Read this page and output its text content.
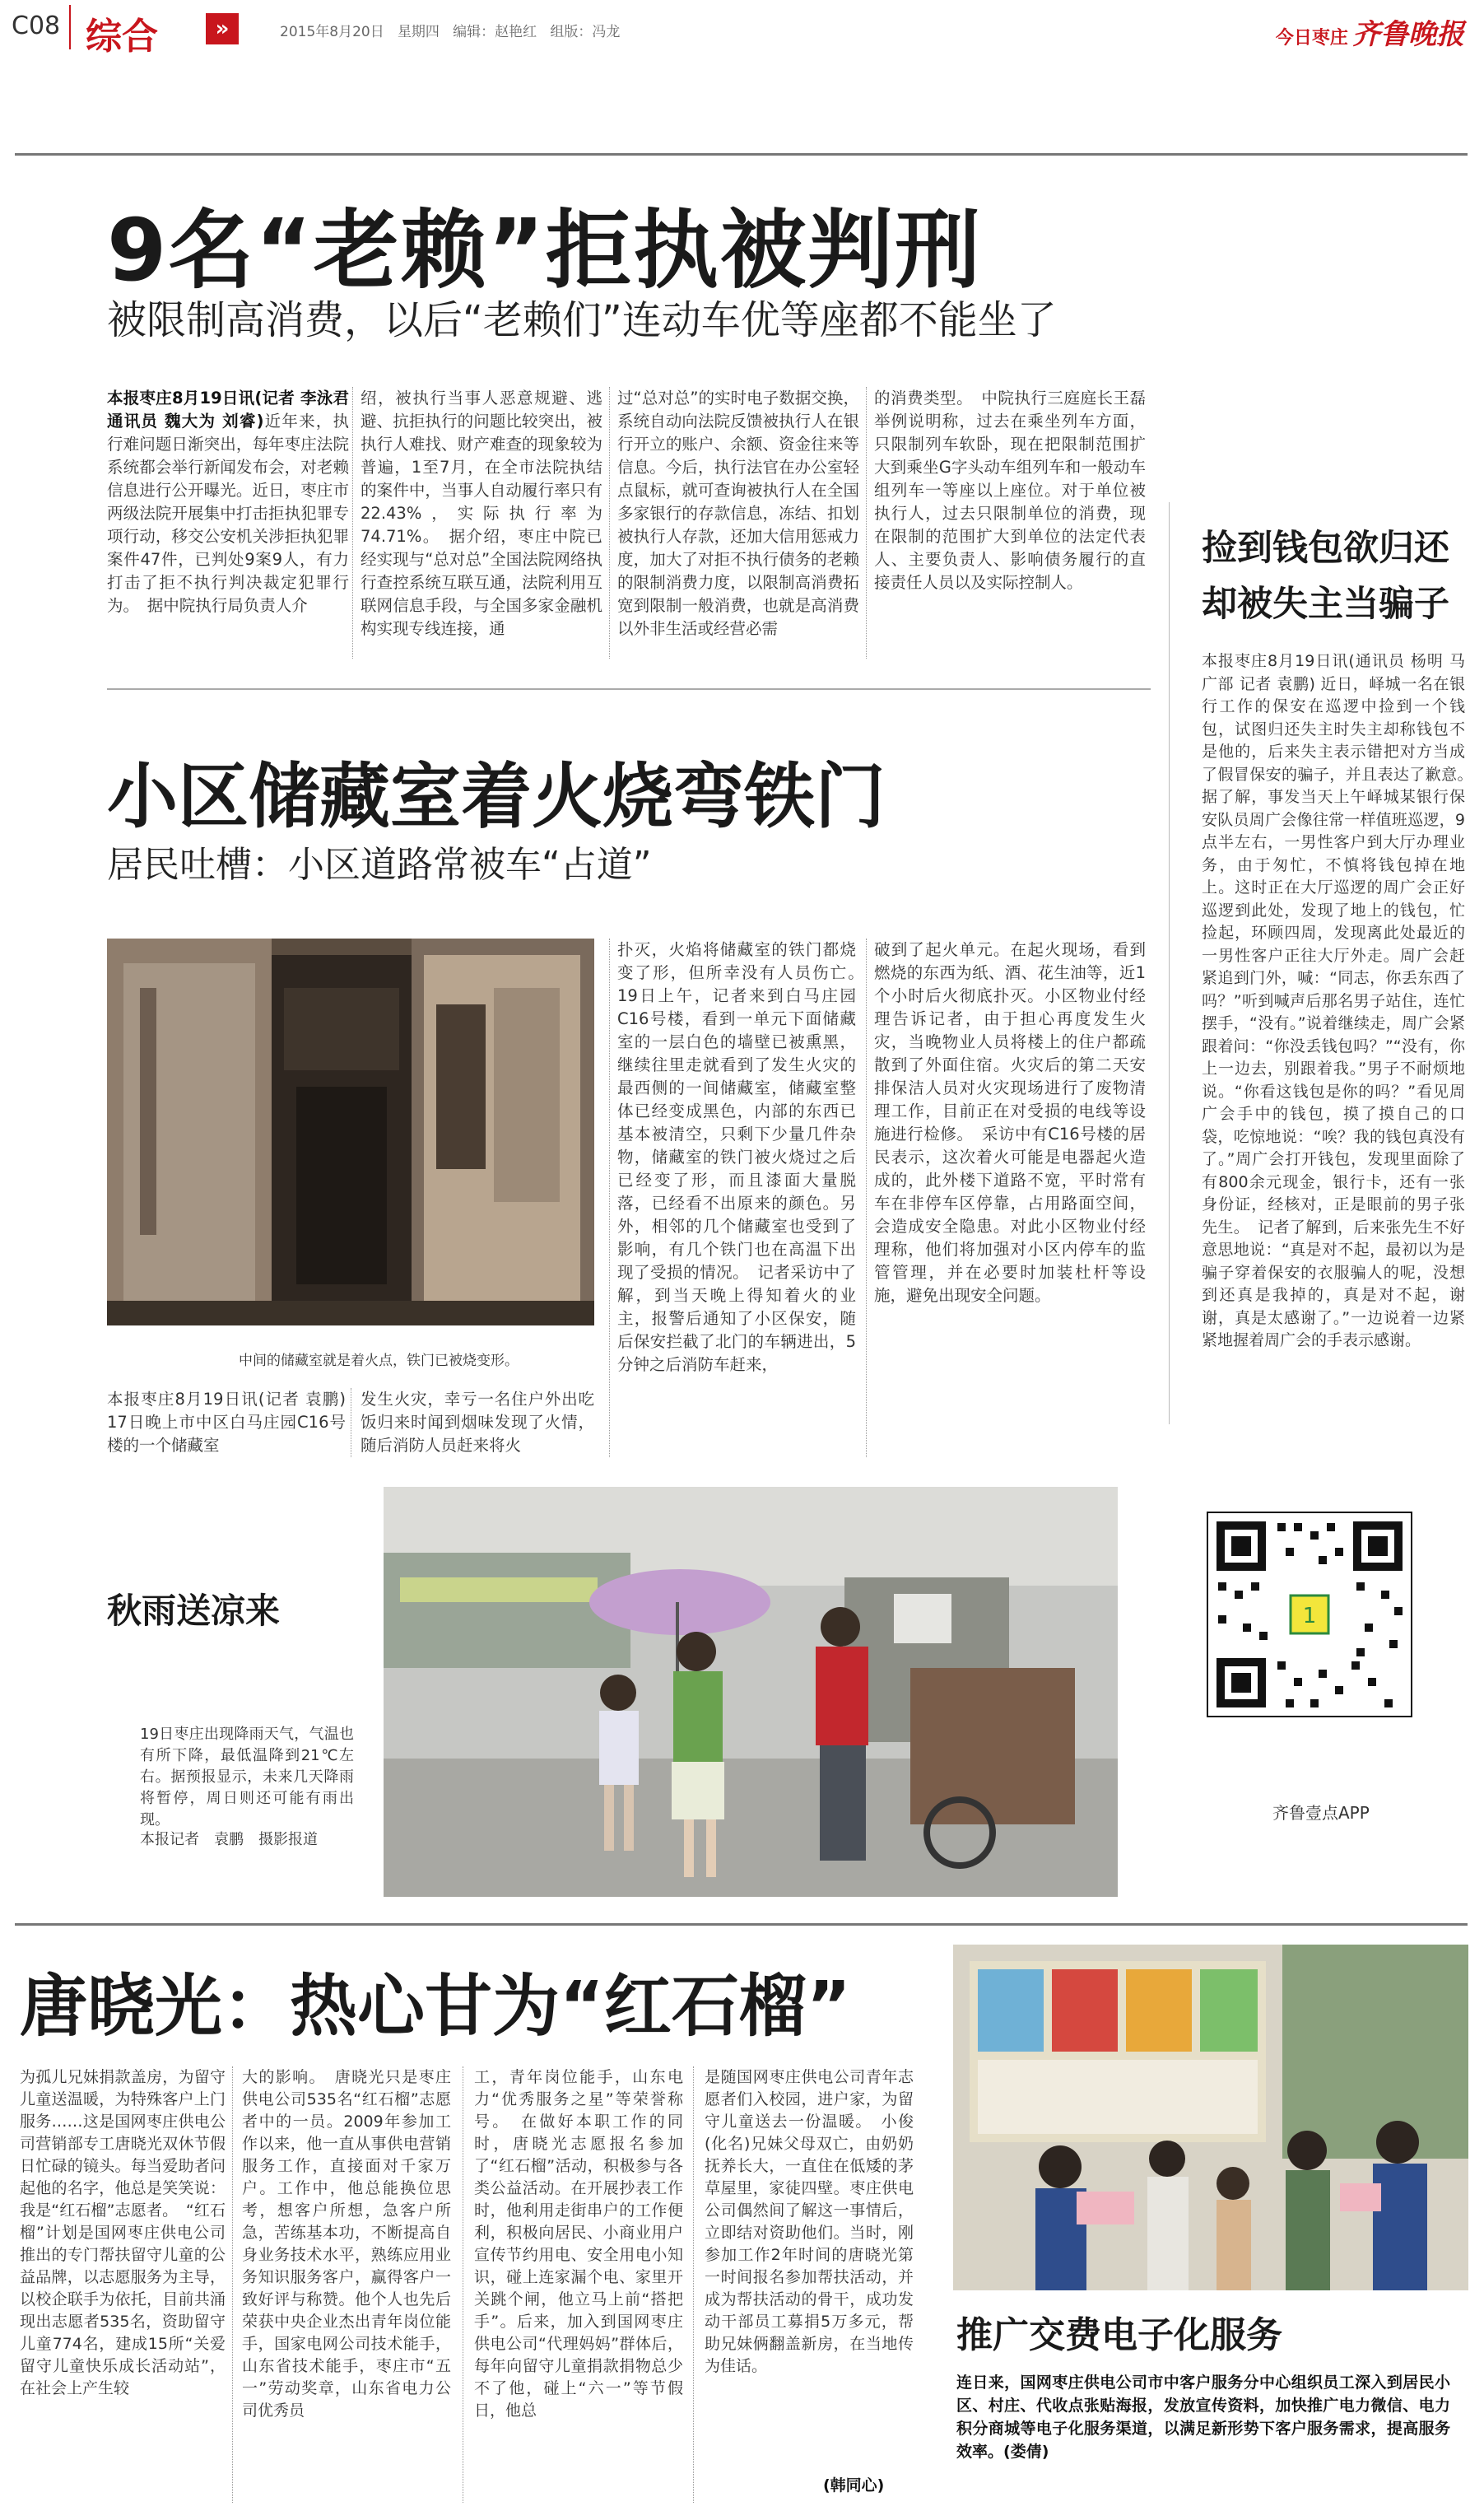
C08 综合	»	2015年8月20日 星期四 编辑：赵艳红 组版：冯龙	今日枣庄 齐鲁晚报
9名“老赖”拒执被判刑
被限制高消费，以后“老赖们”连动车优等座都不能坐了
本报枣庄8月19日讯(记者 李泳君 通讯员 魏大为 刘睿)近年来，执行难问题日渐突出，每年枣庄法院系统都会举行新闻发布会，对老赖信息进行公开曝光。近日，枣庄市两级法院开展集中打击拒执犯罪专项行动，移交公安机关涉拒执犯罪案件47件，已判处9案9人，有力打击了拒不执行判决裁定犯罪行为。　据中院执行局负责人介
绍，被执行当事人恶意规避、逃避、抗拒执行的问题比较突出，被执行人难找、财产难查的现象较为普遍，1至7月，在全市法院执结的案件中，当事人自动履行率只有22.43%，实际执行率为74.71%。　据介绍，枣庄中院已经实现与“总对总”全国法院网络执行查控系统互联互通，法院利用互联网信息手段，与全国多家金融机构实现专线连接，通
过“总对总”的实时电子数据交换，系统自动向法院反馈被执行人在银行开立的账户、余额、资金往来等信息。今后，执行法官在办公室轻点鼠标，就可查询被执行人在全国多家银行的存款信息，冻结、扣划被执行人存款，还加大信用惩戒力度，加大了对拒不执行债务的老赖的限制消费力度，以限制高消费拓宽到限制一般消费，也就是高消费以外非生活或经营必需
的消费类型。　中院执行三庭庭长王磊举例说明称，过去在乘坐列车方面，只限制列车软卧，现在把限制范围扩大到乘坐G字头动车组列车和一般动车组列车一等座以上座位。对于单位被执行人，过去只限制单位的消费，现在限制的范围扩大到单位的法定代表人、主要负责人、影响债务履行的直接责任人员以及实际控制人。
捡到钱包欲归还
却被失主当骗子
本报枣庄8月19日讯(通讯员 杨明 马广部 记者 袁鹏) 近日，峄城一名在银行工作的保安在巡逻中捡到一个钱包，试图归还失主时失主却称钱包不是他的，后来失主表示错把对方当成了假冒保安的骗子，并且表达了歉意。　据了解，事发当天上午峄城某银行保安队员周广会像往常一样值班巡逻，9点半左右，一男性客户到大厅办理业务，由于匆忙，不慎将钱包掉在地上。这时正在大厅巡逻的周广会正好巡逻到此处，发现了地上的钱包，忙捡起，环顾四周，发现离此处最近的一男性客户正往大厅外走。周广会赶紧追到门外，喊：“同志，你丢东西了吗？”听到喊声后那名男子站住，连忙摆手，“没有。”说着继续走，周广会紧跟着问：“你没丢钱包吗？”“没有，你上一边去，别跟着我。”男子不耐烦地说。“你看这钱包是你的吗？”看见周广会手中的钱包，摸了摸自己的口袋，吃惊地说：“唉？我的钱包真没有了。”周广会打开钱包，发现里面除了有800余元现金，银行卡，还有一张身份证，经核对，正是眼前的男子张先生。　记者了解到，后来张先生不好意思地说：“真是对不起，最初以为是骗子穿着保安的衣服骗人的呢，没想到还真是我掉的，真是对不起，谢谢，真是太感谢了。”一边说着一边紧紧地握着周广会的手表示感谢。
小区储藏室着火烧弯铁门
居民吐槽：小区道路常被车“占道”
中间的储藏室就是着火点，铁门已被烧变形。
本报枣庄8月19日讯(记者 袁鹏) 17日晚上市中区白马庄园C16号楼的一个储藏室
发生火灾，幸亏一名住户外出吃饭归来时闻到烟味发现了火情，随后消防人员赶来将火
扑灭，火焰将储藏室的铁门都烧变了形，但所幸没有人员伤亡。　19日上午，记者来到白马庄园C16号楼，看到一单元下面储藏室的一层白色的墙壁已被熏黑，继续往里走就看到了发生火灾的最西侧的一间储藏室，储藏室整体已经变成黑色，内部的东西已基本被清空，只剩下少量几件杂物，储藏室的铁门被火烧过之后已经变了形，而且漆面大量脱落，已经看不出原来的颜色。另外，相邻的几个储藏室也受到了影响，有几个铁门也在高温下出现了受损的情况。　记者采访中了解，到当天晚上得知着火的业主，报警后通知了小区保安，随后保安拦截了北门的车辆进出，5分钟之后消防车赶来，
破到了起火单元。在起火现场，看到燃烧的东西为纸、酒、花生油等，近1个小时后火彻底扑灭。小区物业付经理告诉记者，由于担心再度发生火灾，当晚物业人员将楼上的住户都疏散到了外面住宿。火灾后的第二天安排保洁人员对火灾现场进行了废物清理工作，目前正在对受损的电线等设施进行检修。　采访中有C16号楼的居民表示，这次着火可能是电器起火造成的，此外楼下道路不宽，平时常有车在非停车区停靠，占用路面空间，会造成安全隐患。对此小区物业付经理称，他们将加强对小区内停车的监管管理，并在必要时加装杜杆等设施，避免出现安全问题。
秋雨送凉来
19日枣庄出现降雨天气，气温也有所下降，最低温降到21℃左右。据预报显示，未来几天降雨将暂停，周日则还可能有雨出现。
本报记者　袁鹏　摄影报道
1
齐鲁壹点APP
唐晓光：热心甘为“红石榴”
为孤儿兄妹捐款盖房，为留守儿童送温暖，为特殊客户上门服务……这是国网枣庄供电公司营销部专工唐晓光双休节假日忙碌的镜头。每当爱助者问起他的名字，他总是笑笑说：我是“红石榴”志愿者。　“红石榴”计划是国网枣庄供电公司推出的专门帮扶留守儿童的公益品牌，以志愿服务为主导，以校企联手为依托，目前共涌现出志愿者535名，资助留守儿童774名，建成15所“关爱留守儿童快乐成长活动站”，在社会上产生较
大的影响。　唐晓光只是枣庄供电公司535名“红石榴”志愿者中的一员。2009年参加工作以来，他一直从事供电营销服务工作，直接面对千家万户。工作中，他总能换位思考，想客户所想，急客户所急，苦练基本功，不断提高自身业务技术水平，熟练应用业务知识服务客户，赢得客户一致好评与称赞。他个人也先后荣获中央企业杰出青年岗位能手，国家电网公司技术能手，山东省技术能手，枣庄市“五一”劳动奖章，山东省电力公司优秀员
工，青年岗位能手，山东电力“优秀服务之星”等荣誉称号。　在做好本职工作的同时，唐晓光志愿报名参加了“红石榴”活动，积极参与各类公益活动。在开展抄表工作时，他利用走街串户的工作便利，积极向居民、小商业用户宣传节约用电、安全用电小知识，碰上连家漏个电、家里开关跳个闸，他立马上前“搭把手”。后来，加入到国网枣庄供电公司“代理妈妈”群体后，每年向留守儿童捐款捐物总少不了他，碰上“六一”等节假日，他总
是随国网枣庄供电公司青年志愿者们入校园，进户家，为留守儿童送去一份温暖。　小俊(化名)兄妹父母双亡，由奶奶抚养长大，一直住在低矮的茅草屋里，家徒四壁。枣庄供电公司偶然间了解这一事情后，立即结对资助他们。当时，刚参加工作2年时间的唐晓光第一时间报名参加帮扶活动，并成为帮扶活动的骨干，成功发动干部员工募捐5万多元，帮助兄妹俩翻盖新房，在当地传为佳话。
(韩同心)
推广交费电子化服务
连日来，国网枣庄供电公司市中客户服务分中心组织员工深入到居民小区、村庄、代收点张贴海报，发放宣传资料，加快推广电力微信、电力积分商城等电子化服务渠道，以满足新形势下客户服务需求，提高服务效率。(娄倩)
